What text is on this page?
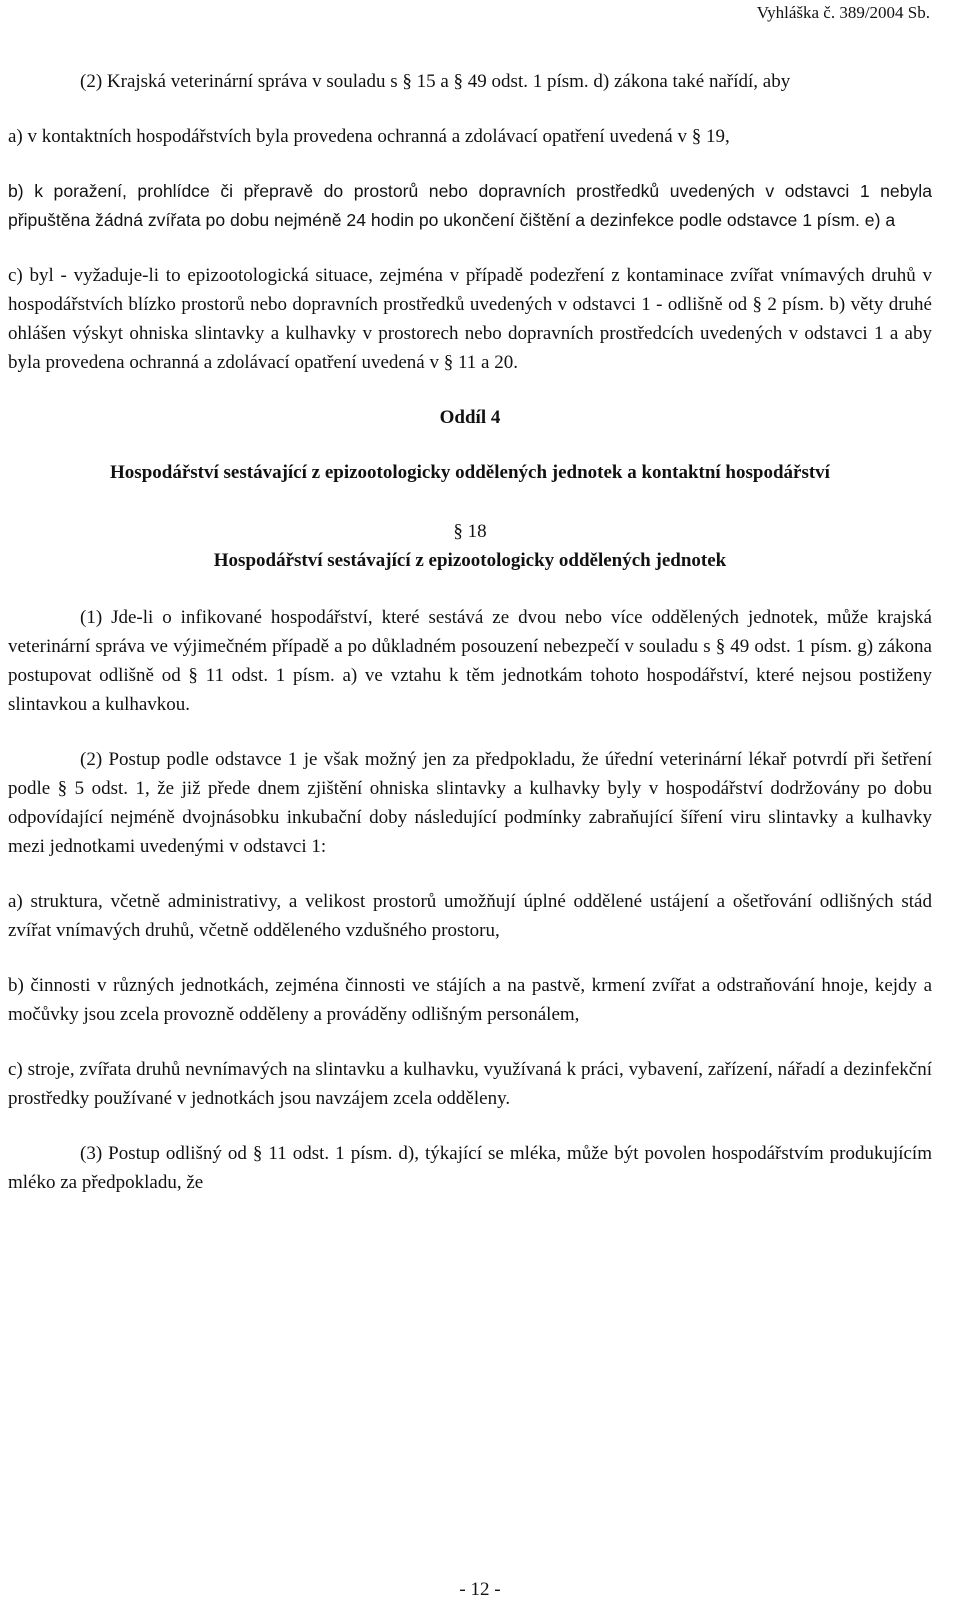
Vyhláška č. 389/2004 Sb.

(2) Krajská veterinární správa v souladu s § 15 a § 49 odst. 1 písm. d) zákona také nařídí, aby

a) v kontaktních hospodářstvích byla provedena ochranná a zdolávací opatření uvedená v § 19,

b) k poražení, prohlídce či přepravě do prostorů nebo dopravních prostředků uvedených v odstavci 1 nebyla připuštěna žádná zvířata po dobu nejméně 24 hodin po ukončení čištění a dezinfekce podle odstavce 1 písm. e) a

c) byl - vyžaduje-li to epizootologická situace, zejména v případě podezření z kontaminace zvířat vnímavých druhů v hospodářstvích blízko prostorů nebo dopravních prostředků uvedených v odstavci 1 - odlišně od § 2 písm. b) věty druhé ohlášen výskyt ohniska slintavky a kulhavky v prostorech nebo dopravních prostředcích uvedených v odstavci 1 a aby byla provedena ochranná a zdolávací opatření uvedená v § 11 a 20.

Oddíl 4
Hospodářství sestávající z epizootologicky oddělených jednotek a kontaktní hospodářství
§ 18
Hospodářství sestávající z epizootologicky oddělených jednotek

(1) Jde-li o infikované hospodářství, které sestává ze dvou nebo více oddělených jednotek, může krajská veterinární správa ve výjimečném případě a po důkladném posouzení nebezpečí v souladu s § 49 odst. 1 písm. g) zákona postupovat odlišně od § 11 odst. 1 písm. a) ve vztahu k těm jednotkám tohoto hospodářství, které nejsou postiženy slintavkou a kulhavkou.

(2) Postup podle odstavce 1 je však možný jen za předpokladu, že úřední veterinární lékař potvrdí při šetření podle § 5 odst. 1, že již přede dnem zjištění ohniska slintavky a kulhavky byly v hospodářství dodržovány po dobu odpovídající nejméně dvojnásobku inkubační doby následující podmínky zabraňující šíření viru slintavky a kulhavky mezi jednotkami uvedenými v odstavci 1:

a) struktura, včetně administrativy, a velikost prostorů umožňují úplné oddělené ustájení a ošetřování odlišných stád zvířat vnímavých druhů, včetně odděleného vzdušného prostoru,

b) činnosti v různých jednotkách, zejména činnosti ve stájích a na pastvě, krmení zvířat a odstraňování hnoje, kejdy a močůvky jsou zcela provozně odděleny a prováděny odlišným personálem,

c) stroje, zvířata druhů nevnímavých na slintavku a kulhavku, využívaná k práci, vybavení, zařízení, nářadí a dezinfekční prostředky používané v jednotkách jsou navzájem zcela odděleny.

(3) Postup odlišný od § 11 odst. 1 písm. d), týkající se mléka, může být povolen hospodářstvím produkujícím mléko za předpokladu, že

- 12 -
